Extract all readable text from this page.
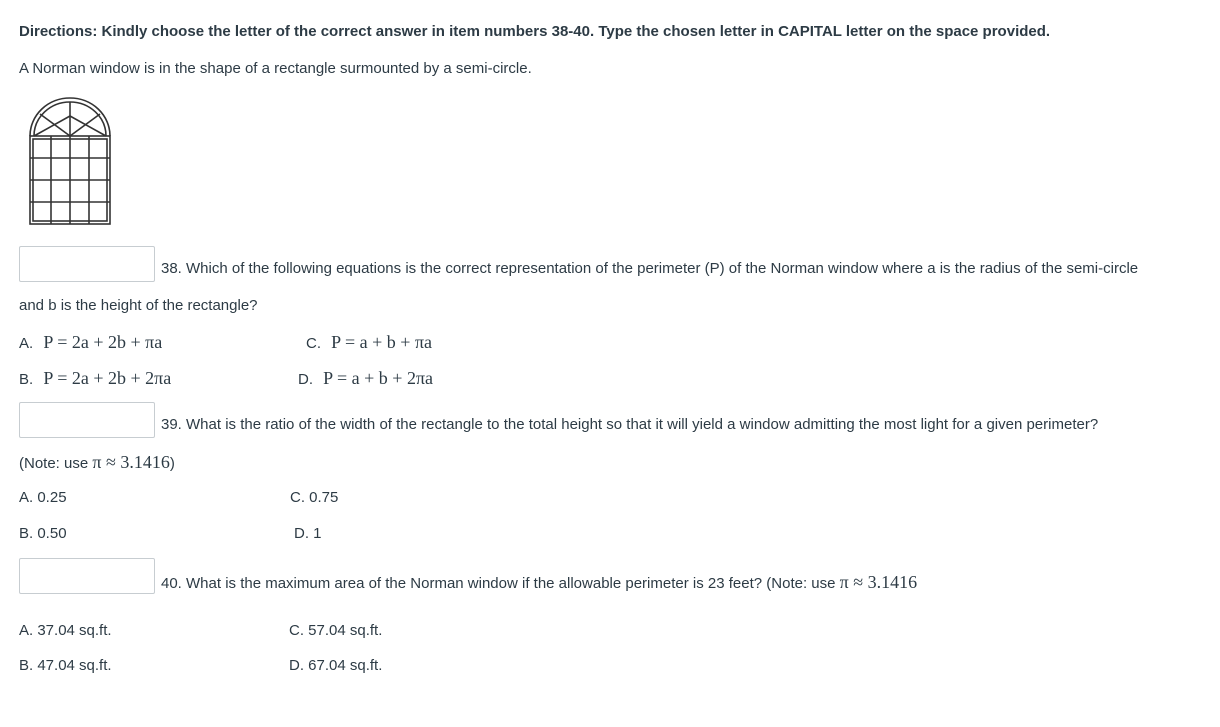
Directions: Kindly choose the letter of the correct answer in item numbers 38-40. Type the chosen letter in CAPITAL letter on the space provided.
A Norman window is in the shape of a rectangle surmounted by a semi-circle.
38. Which of the following equations is the correct representation of the perimeter (P) of the Norman window where a is the radius of the semi-circle
and b is the height of the rectangle?
A. P = 2a + 2b + πa
B. P = 2a + 2b + 2πa
C. P = a + b + πa
D. P = a + b + 2πa
39. What is the ratio of the width of the rectangle to the total height so that it will yield a window admitting the most light for a given perimeter?
(Note: use π ≈ 3.1416)
A. 0.25
B. 0.50
C. 0.75
D. 1
40. What is the maximum area of the Norman window if the allowable perimeter is 23 feet? (Note: use π ≈ 3.1416
A. 37.04 sq.ft.
B. 47.04 sq.ft.
C. 57.04 sq.ft.
D. 67.04 sq.ft.
